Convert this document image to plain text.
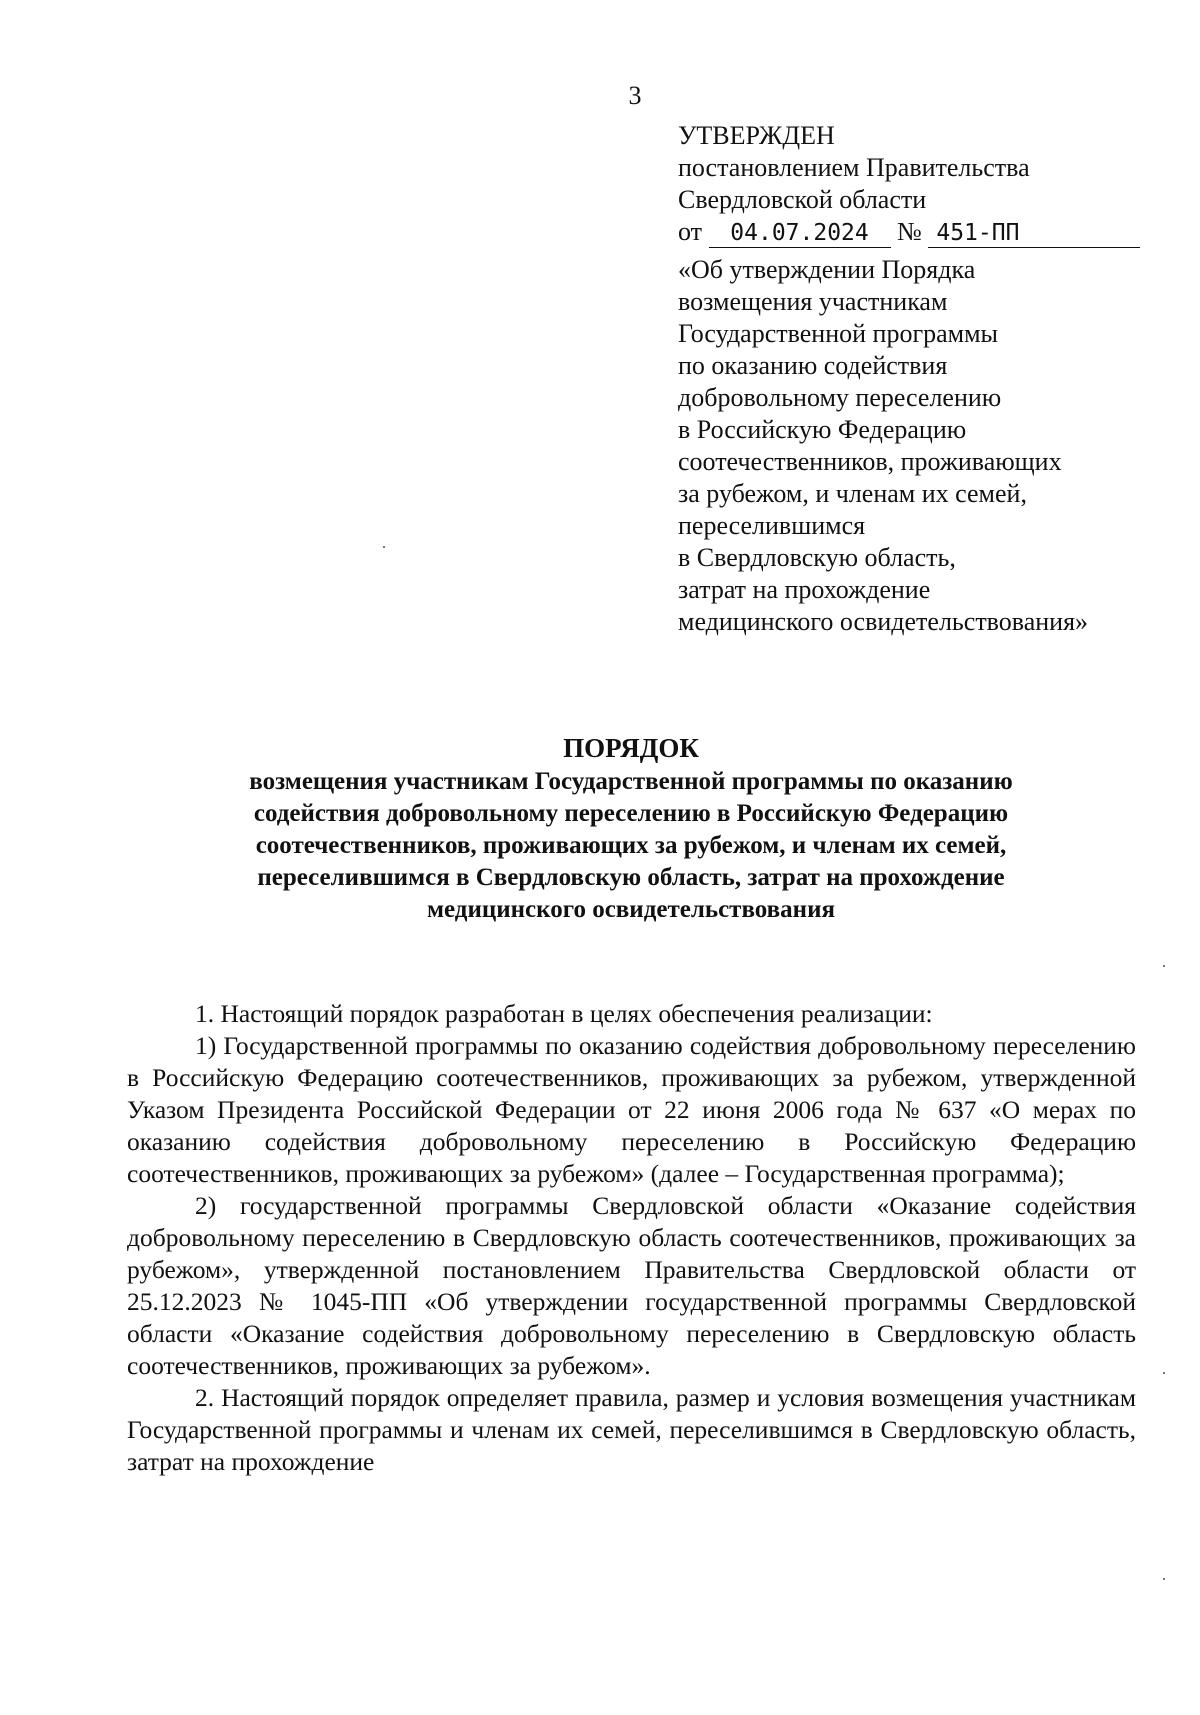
3
УТВЕРЖДЕН
постановлением Правительства
Свердловской области
от 04.07.2024 № 451-ПП
«Об утверждении Порядка
возмещения участникам
Государственной программы
по оказанию содействия
добровольному переселению
в Российскую Федерацию
соотечественников, проживающих
за рубежом, и членам их семей,
переселившимся
в Свердловскую область,
затрат на прохождение
медицинского освидетельствования»
ПОРЯДОК
возмещения участникам Государственной программы по оказанию
содействия добровольному переселению в Российскую Федерацию
соотечественников, проживающих за рубежом, и членам их семей,
переселившимся в Свердловскую область, затрат на прохождение
медицинского освидетельствования

1. Настоящий порядок разработан в целях обеспечения реализации:

1) Государственной программы по оказанию содействия добровольному переселению в Российскую Федерацию соотечественников, проживающих за рубежом, утвержденной Указом Президента Российской Федерации от 22 июня 2006 года № 637 «О мерах по оказанию содействия добровольному переселению в Российскую Федерацию соотечественников, проживающих за рубежом» (далее – Государственная программа);

2) государственной программы Свердловской области «Оказание содействия добровольному переселению в Свердловскую область соотечественников, проживающих за рубежом», утвержденной постановлением Правительства Свердловской области от 25.12.2023 № 1045-ПП «Об утверждении государственной программы Свердловской области «Оказание содействия добровольному переселению в Свердловскую область соотечественников, проживающих за рубежом».

2. Настоящий порядок определяет правила, размер и условия возмещения участникам Государственной программы и членам их семей, переселившимся в Свердловскую область, затрат на прохождение
